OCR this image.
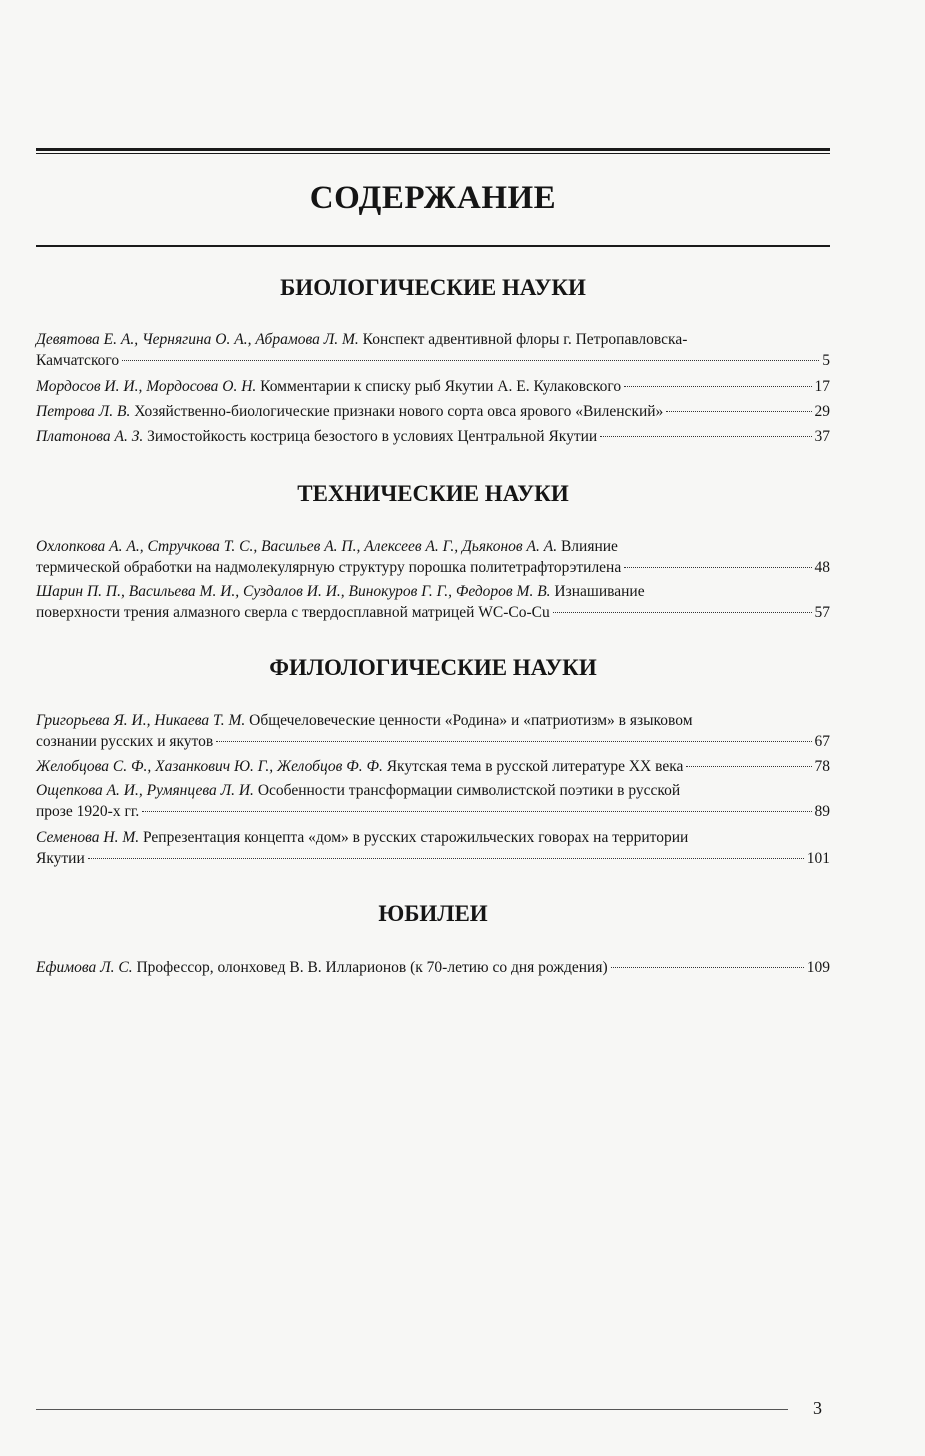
СОДЕРЖАНИЕ
БИОЛОГИЧЕСКИЕ НАУКИ
Девятова Е. А., Чернягина О. А., Абрамова Л. М. Конспект адвентивной флоры г. Петропавловска-
Камчатского	5
Мордосов И. И., Мордосова О. Н. Комментарии к списку рыб Якутии А. Е. Кулаковского	17
Петрова Л. В. Хозяйственно-биологические признаки нового сорта овса ярового «Виленский»	29
Платонова А. З. Зимостойкость кострица безостого в условиях Центральной Якутии	37
ТЕХНИЧЕСКИЕ НАУКИ
Охлопкова А. А., Стручкова Т. С., Васильев А. П., Алексеев А. Г., Дьяконов А. А. Влияние
термической обработки на надмолекулярную структуру порошка политетрафторэтилена	48
Шарин П. П., Васильева М. И., Суздалов И. И., Винокуров Г. Г., Федоров М. В. Изнашивание
поверхности трения алмазного сверла с твердосплавной матрицей WC-Co-Cu	57
ФИЛОЛОГИЧЕСКИЕ НАУКИ
Григорьева Я. И., Никаева Т. М. Общечеловеческие ценности «Родина» и «патриотизм» в языковом
сознании русских и якутов	67
Желобцова С. Ф., Хазанкович Ю. Г., Желобцов Ф. Ф. Якутская тема в русской литературе XX века	78
Ощепкова А. И., Румянцева Л. И. Особенности трансформации символистской поэтики в русской
прозе 1920-х гг.	89
Семенова Н. М. Репрезентация концепта «дом» в русских старожильческих говорах на территории
Якутии	101
ЮБИЛЕИ
Ефимова Л. С. Профессор, олонховед В. В. Илларионов (к 70-летию со дня рождения)	109
3
